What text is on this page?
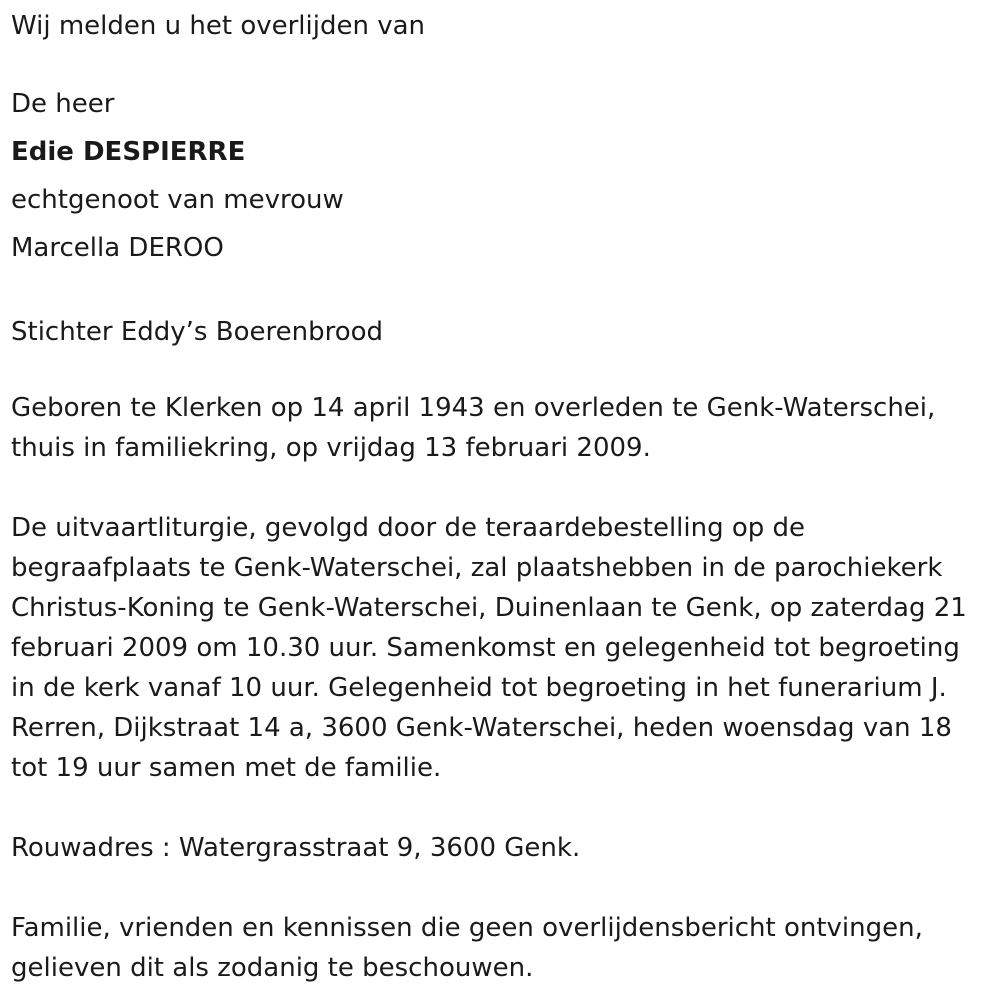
Wij melden u het overlijden van
De heer
Edie DESPIERRE
echtgenoot van mevrouw
Marcella DEROO
Stichter Eddy’s Boerenbrood
Geboren te Klerken op 14 april 1943 en overleden te Genk-Waterschei,
thuis in familiekring, op vrijdag 13 februari 2009.
De uitvaartliturgie, gevolgd door de teraardebestelling op de
begraafplaats te Genk-Waterschei, zal plaatshebben in de parochiekerk
Christus-Koning te Genk-Waterschei, Duinenlaan te Genk, op zaterdag 21
februari 2009 om 10.30 uur. Samenkomst en gelegenheid tot begroeting
in de kerk vanaf 10 uur. Gelegenheid tot begroeting in het funerarium J.
Rerren, Dijkstraat 14 a, 3600 Genk-Waterschei, heden woensdag van 18
tot 19 uur samen met de familie.
Rouwadres : Watergrasstraat 9, 3600 Genk.
Familie, vrienden en kennissen die geen overlijdensbericht ontvingen,
gelieven dit als zodanig te beschouwen.
